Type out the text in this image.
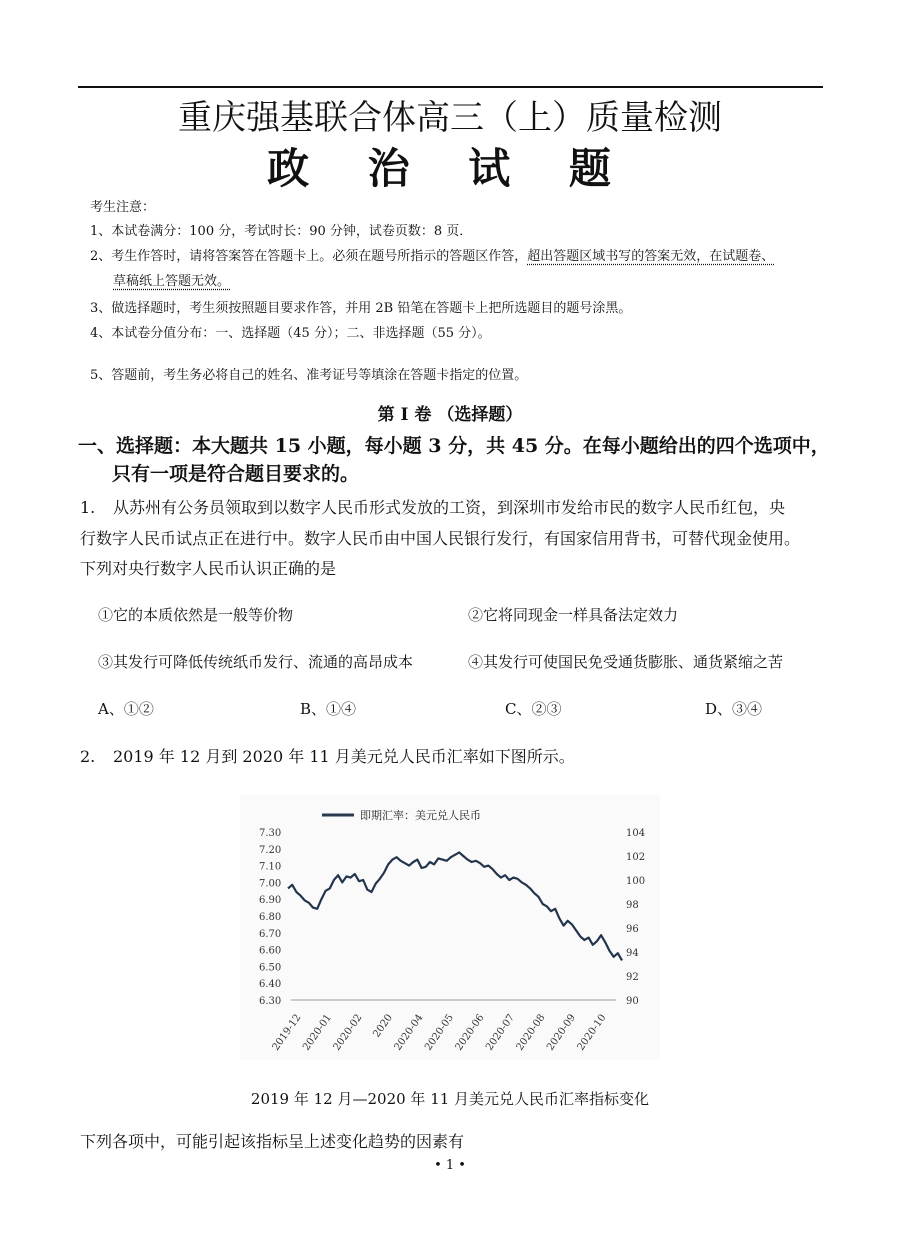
重庆强基联合体高三（上）质量检测
政 治 试 题
考生注意：
1、本试卷满分：100 分，考试时长：90 分钟，试卷页数：8 页．
2、考生作答时，请将答案答在答题卡上。必须在题号所指示的答题区作答，超出答题区域书写的答案无效，在试题卷、
草稿纸上答题无效。
3、做选择题时，考生须按照题目要求作答，并用 2B 铅笔在答题卡上把所选题目的题号涂黑。
4、本试卷分值分布：一、选择题（45 分）；二、非选择题（55 分）。
5、答题前，考生务必将自己的姓名、准考证号等填涂在答题卡指定的位置。
第 I 卷 （选择题）
一、选择题：本大题共 15 小题，每小题 3 分，共 45 分。在每小题给出的四个选项中，
只有一项是符合题目要求的。
1. 从苏州有公务员领取到以数字人民币形式发放的工资，到深圳市发给市民的数字人民币红包，央
行数字人民币试点正在进行中。数字人民币由中国人民银行发行，有国家信用背书，可替代现金使用。
下列对央行数字人民币认识正确的是
①它的本质依然是一般等价物	②它将同现金一样具备法定效力
③其发行可降低传统纸币发行、流通的高昂成本	④其发行可使国民免受通货膨胀、通货紧缩之苦
A、①②	B、①④	C、②③	D、③④
2. 2019 年 12 月到 2020 年 11 月美元兑人民币汇率如下图所示。
即期汇率：美元兑人民币
7.30
7.20
7.10
7.00
6.90
6.80
6.70
6.60
6.50
6.40
6.30
104
102
100
98
96
94
92
90
2019-12
2020-01
2020-02 2020
2020-04
2020-05
2020-06
2020-07
2020-08
2020-09
2020-10
2019 年 12 月—2020 年 11 月美元兑人民币汇率指标变化
下列各项中，可能引起该指标呈上述变化趋势的因素有
• 1 •
